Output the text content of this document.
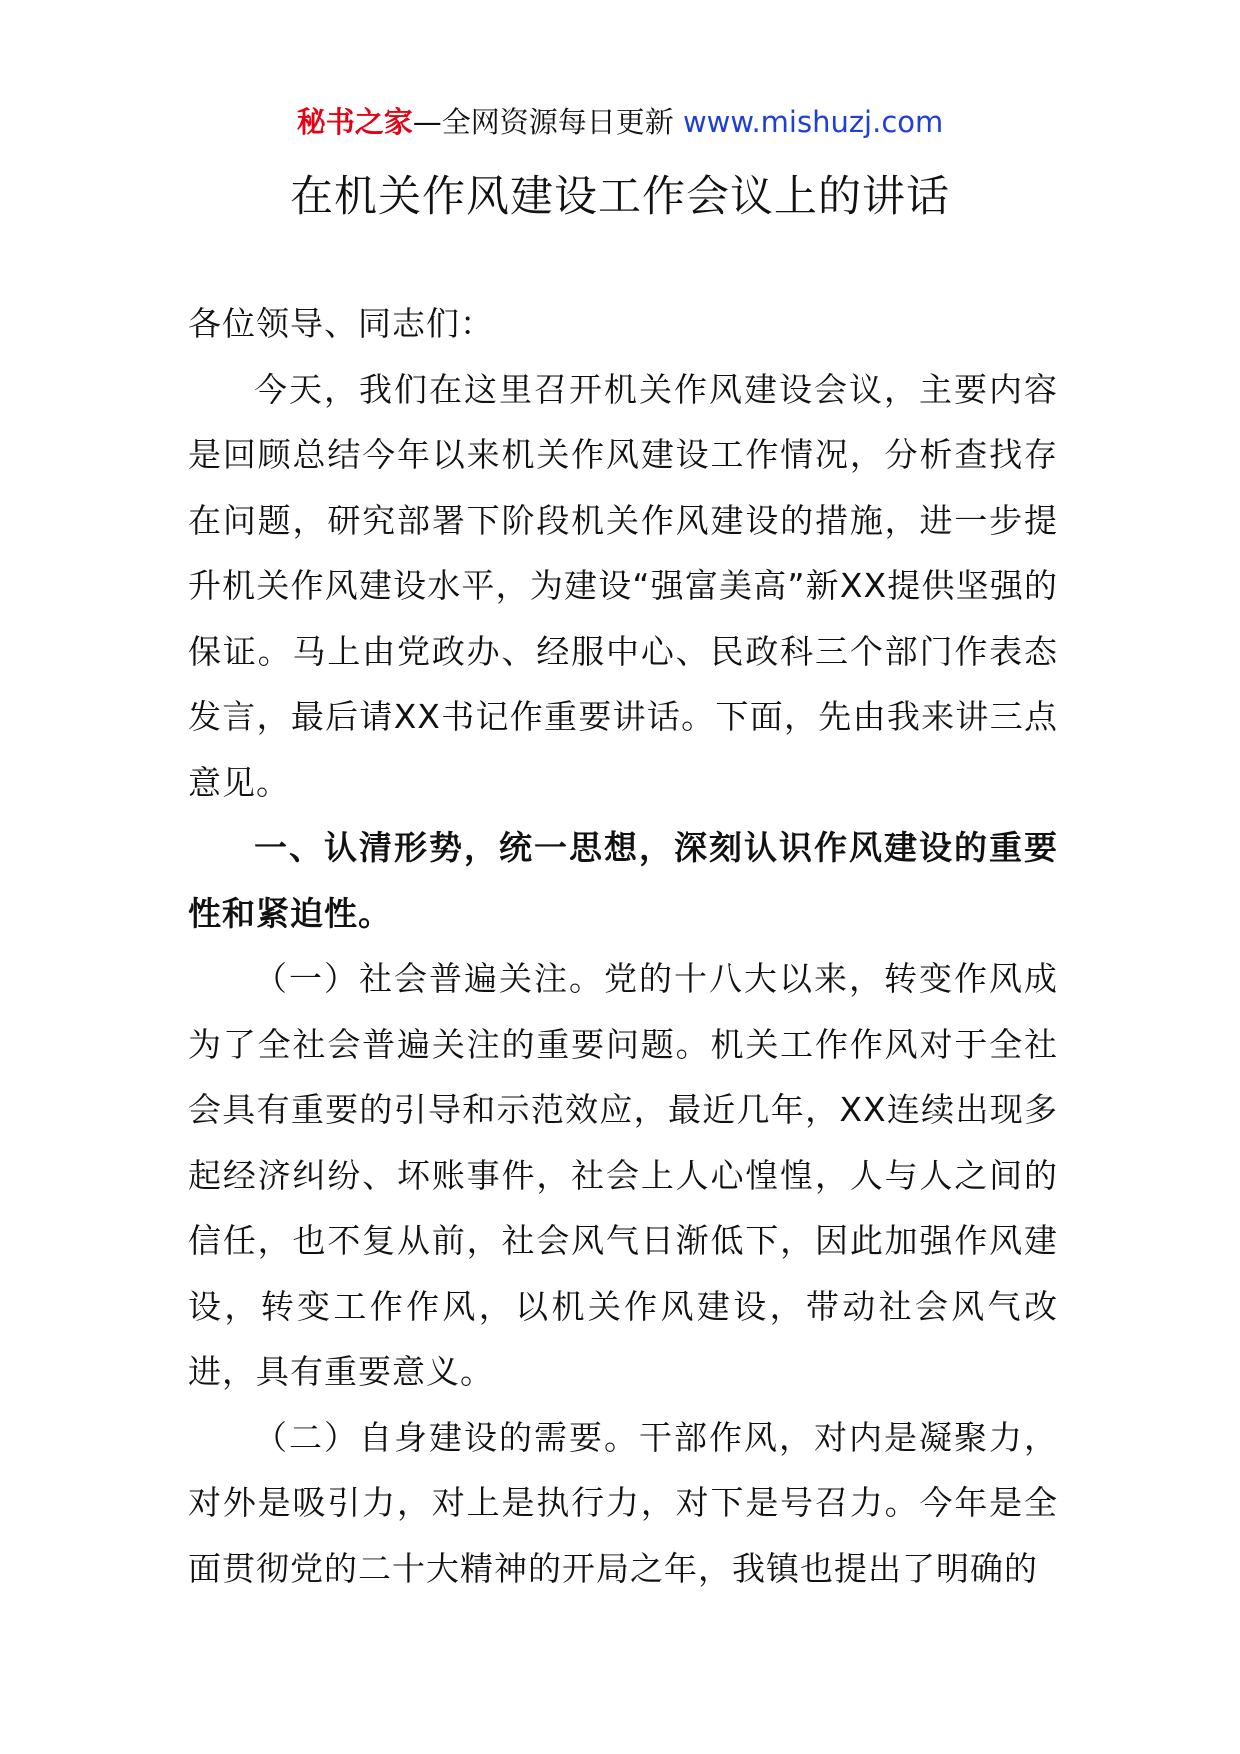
秘书之家—全网资源每日更新 www.mishuzj.com
在机关作风建设工作会议上的讲话

各位领导、同志们：

今天，我们在这里召开机关作风建设会议，主要内容是回顾总结今年以来机关作风建设工作情况，分析查找存在问题，研究部署下阶段机关作风建设的措施，进一步提升机关作风建设水平，为建设“强富美高”新XX提供坚强的保证。马上由党政办、经服中心、民政科三个部门作表态发言，最后请XX书记作重要讲话。下面，先由我来讲三点意见。

一、认清形势，统一思想，深刻认识作风建设的重要性和紧迫性。

（一）社会普遍关注。党的十八大以来，转变作风成为了全社会普遍关注的重要问题。机关工作作风对于全社会具有重要的引导和示范效应，最近几年，XX连续出现多起经济纠纷、坏账事件，社会上人心惶惶，人与人之间的信任，也不复从前，社会风气日渐低下，因此加强作风建设，转变工作作风，以机关作风建设，带动社会风气改进，具有重要意义。

（二）自身建设的需要。干部作风，对内是凝聚力，对外是吸引力，对上是执行力，对下是号召力。今年是全面贯彻党的二十大精神的开局之年，我镇也提出了明确的
